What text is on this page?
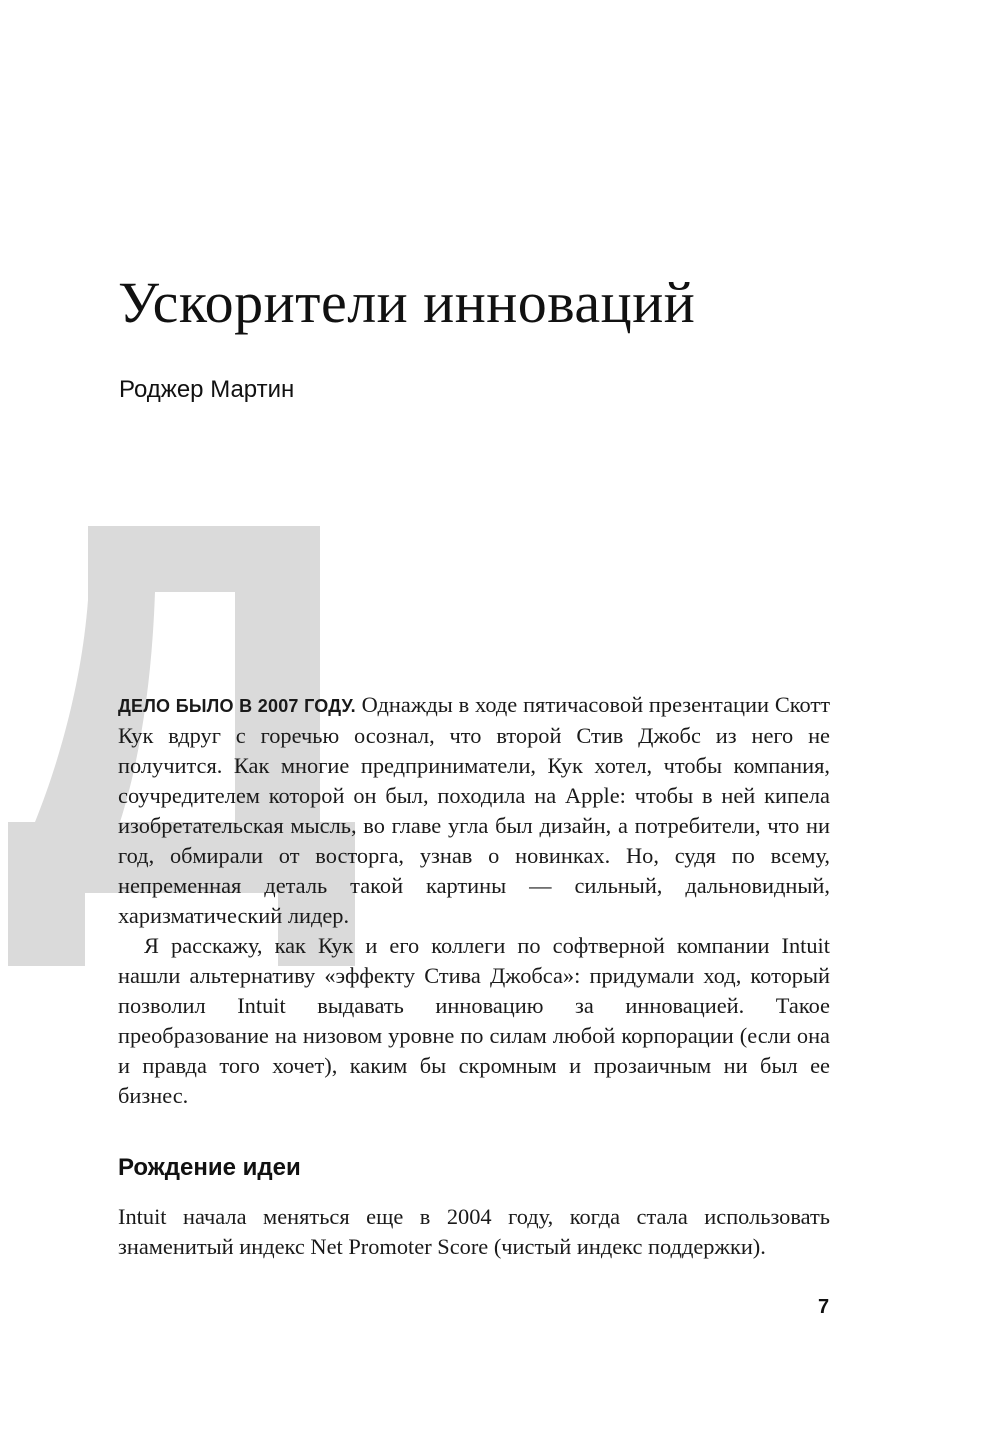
Ускорители инноваций
Роджер Мартин

ДЕЛО БЫЛО В 2007 ГОДУ. Однажды в ходе пятичасовой презентации Скотт Кук вдруг с горечью осознал, что второй Стив Джобс из него не получится. Как многие предприниматели, Кук хотел, чтобы компания, соучредителем которой он был, походила на Apple: чтобы в ней кипела изобретательская мысль, во главе угла был дизайн, а потребители, что ни год, обмирали от восторга, узнав о новинках. Но, судя по всему, непременная деталь такой картины — сильный, дальновидный, харизматический лидер.

Я расскажу, как Кук и его коллеги по софтверной компании Intuit нашли альтернативу «эффекту Стива Джобса»: придумали ход, который позволил Intuit выдавать инновацию за инновацией. Такое преобразование на низовом уровне по силам любой корпорации (если она и правда того хочет), каким бы скромным и прозаичным ни был ее бизнес.

Рождение идеи

Intuit начала меняться еще в 2004 году, когда стала использовать знаменитый индекс Net Promoter Score (чистый индекс поддержки).

7
